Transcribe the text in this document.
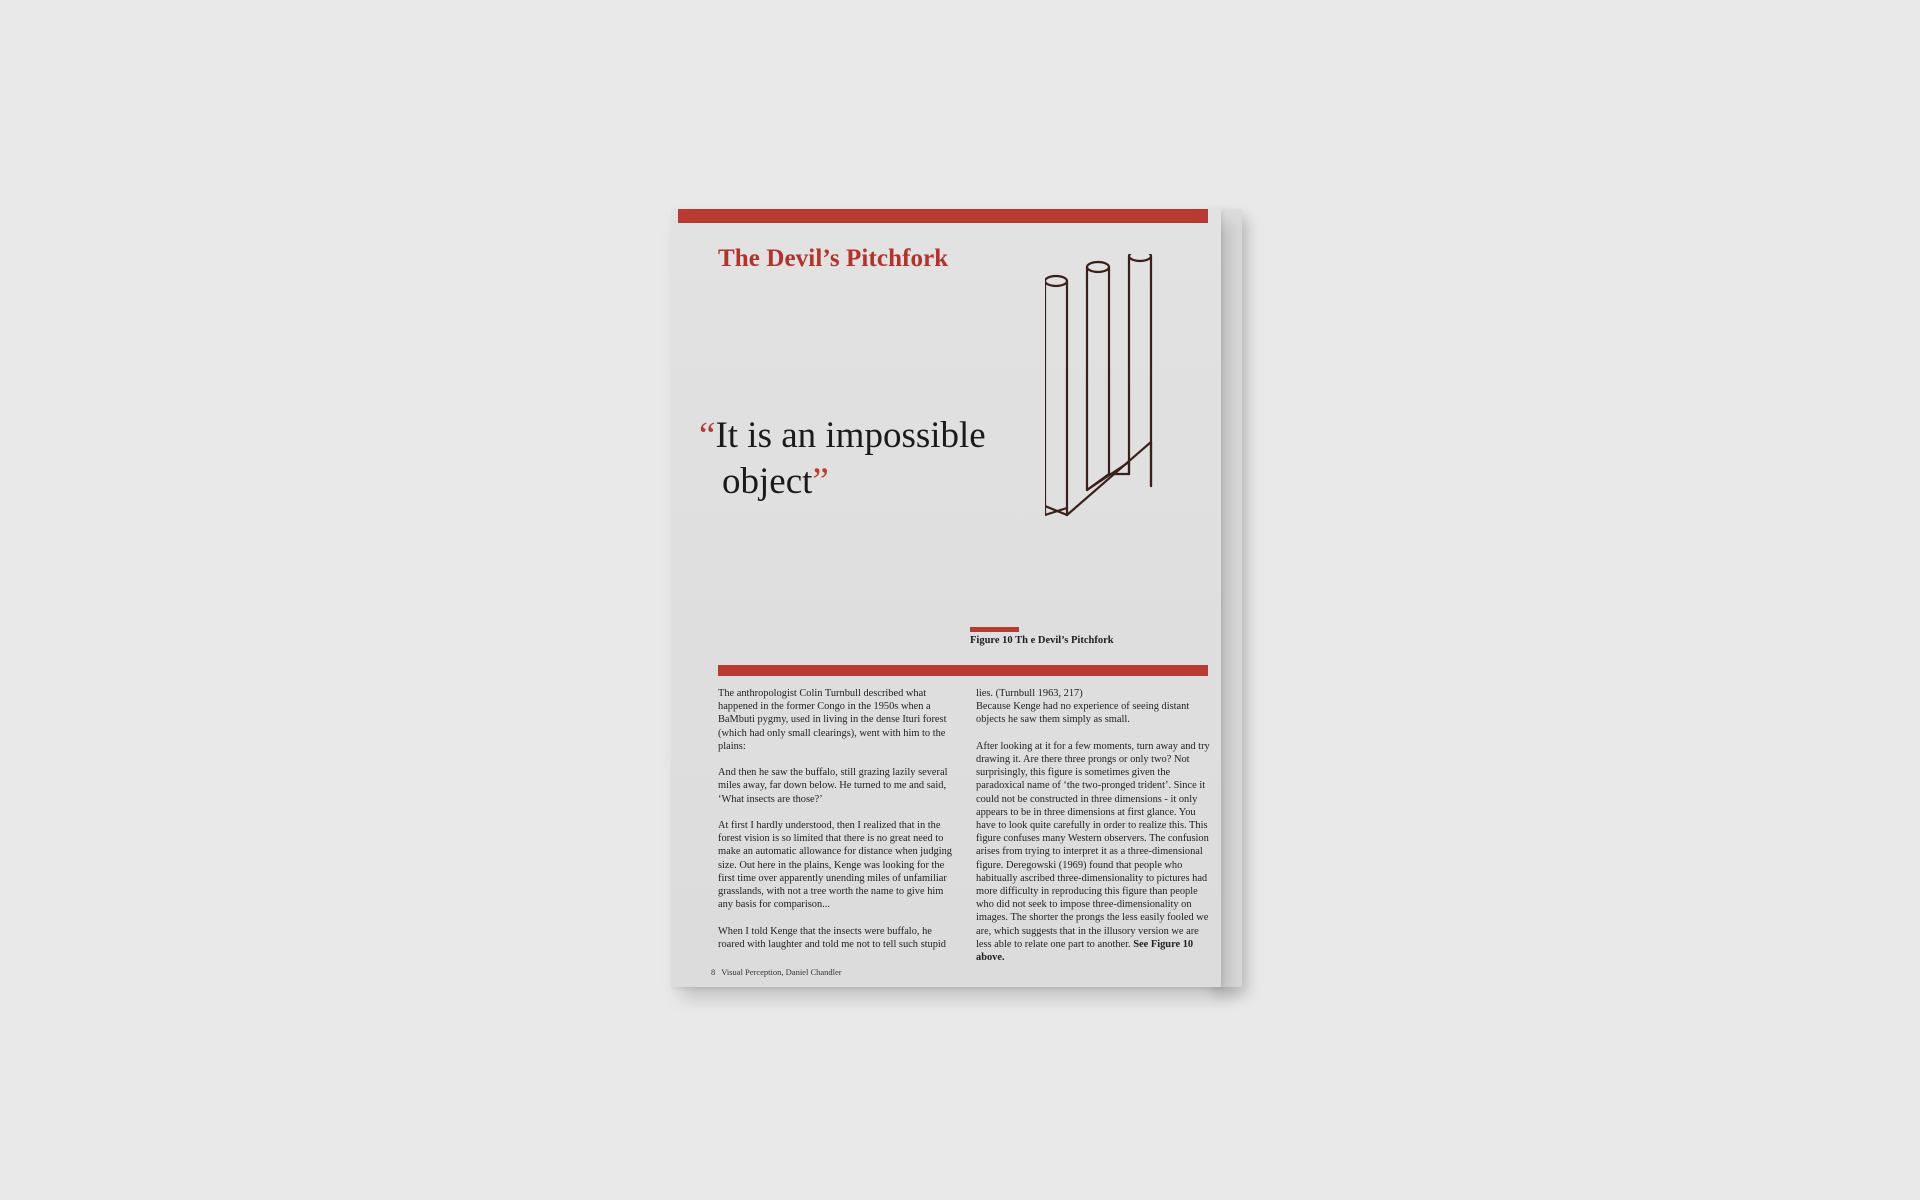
The Devil’s Pitchfork
“It is an impossible
object”
Figure 10 Th e Devil’s Pitchfork

The anthropologist Colin Turnbull described what happened in the former Congo in the 1950s when a BaMbuti pygmy, used in living in the dense Ituri forest (which had only small clearings), went with him to the plains:

And then he saw the buffalo, still grazing lazily several miles away, far down below. He turned to me and said, ‘What insects are those?’

At first I hardly understood, then I realized that in the forest vision is so limited that there is no great need to make an automatic allowance for distance when judging size. Out here in the plains, Kenge was looking for the first time over apparently unending miles of unfamiliar grasslands, with not a tree worth the name to give him any basis for comparison...

When I told Kenge that the insects were buffalo, he roared with laughter and told me not to tell such stupid

lies. (Turnbull 1963, 217)
Because Kenge had no experience of seeing distant objects he saw them simply as small.

After looking at it for a few moments, turn away and try drawing it. Are there three prongs or only two? Not surprisingly, this figure is sometimes given the paradoxical name of ‘the two-pronged trident’. Since it could not be constructed in three dimensions - it only appears to be in three dimensions at first glance. You have to look quite carefully in order to realize this. This figure confuses many Western observers. The confusion arises from trying to interpret it as a three-dimensional figure. Deregowski (1969) found that people who habitually ascribed three-dimensionality to pictures had more difficulty in reproducing this figure than people who did not seek to impose three-dimensionality on images. The shorter the prongs the less easily fooled we are, which suggests that in the illusory version we are less able to relate one part to another. See Figure 10 above.

8 Visual Perception, Daniel Chandler
